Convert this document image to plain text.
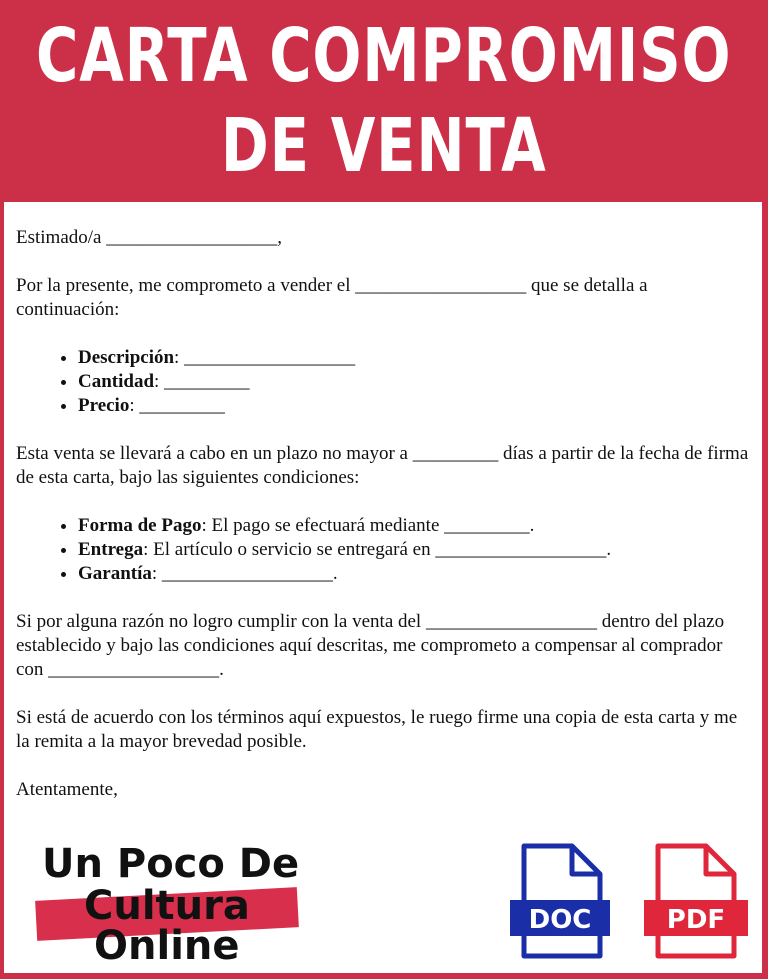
CARTA COMPROMISO
DE VENTA

Estimado/a __________________,

Por la presente, me comprometo a vender el __________________ que se detalla a continuación:

• Descripción: __________________
• Cantidad: _________
• Precio: _________

Esta venta se llevará a cabo en un plazo no mayor a _________ días a partir de la fecha de firma de esta carta, bajo las siguientes condiciones:

• Forma de Pago: El pago se efectuará mediante _________.
• Entrega: El artículo o servicio se entregará en __________________.
• Garantía: __________________.

Si por alguna razón no logro cumplir con la venta del __________________ dentro del plazo establecido y bajo las condiciones aquí descritas, me comprometo a compensar al comprador con __________________.

Si está de acuerdo con los términos aquí expuestos, le ruego firme una copia de esta carta y me la remita a la mayor brevedad posible.

Atentamente,

Un Poco De
Cultura
Online
DOC	PDF
